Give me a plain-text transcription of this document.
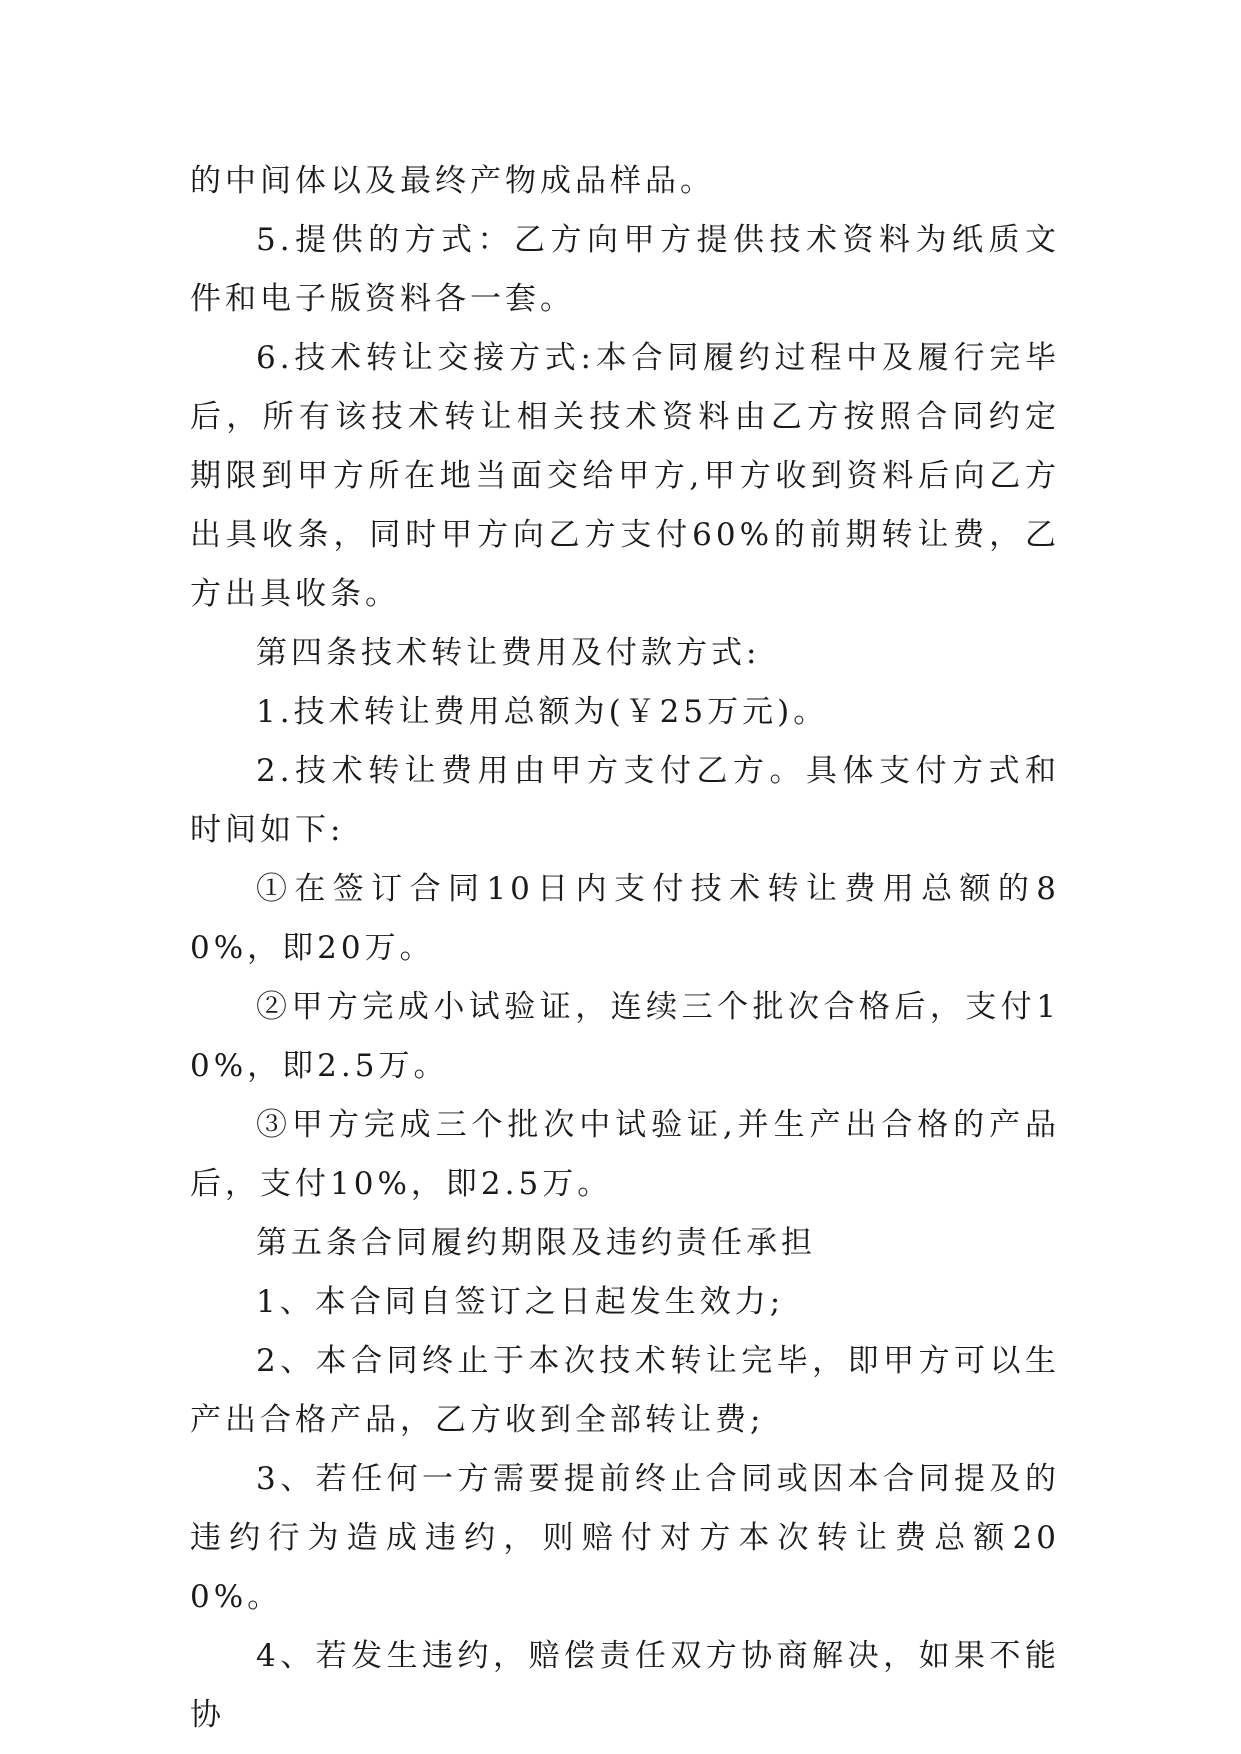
的中间体以及最终产物成品样品。

5.提供的方式：乙方向甲方提供技术资料为纸质文件和电子版资料各一套。

6.技术转让交接方式:本合同履约过程中及履行完毕后，所有该技术转让相关技术资料由乙方按照合同约定期限到甲方所在地当面交给甲方,甲方收到资料后向乙方出具收条，同时甲方向乙方支付60%的前期转让费，乙方出具收条。

第四条技术转让费用及付款方式:

1.技术转让费用总额为(￥25万元)。

2.技术转让费用由甲方支付乙方。具体支付方式和时间如下:

①在签订合同10日内支付技术转让费用总额的80%，即20万。

②甲方完成小试验证，连续三个批次合格后，支付10%，即2.5万。

③甲方完成三个批次中试验证,并生产出合格的产品后，支付10%，即2.5万。

第五条合同履约期限及违约责任承担

1、本合同自签订之日起发生效力;

2、本合同终止于本次技术转让完毕，即甲方可以生产出合格产品，乙方收到全部转让费;

3、若任何一方需要提前终止合同或因本合同提及的违约行为造成违约，则赔付对方本次转让费总额200%。

4、若发生违约，赔偿责任双方协商解决，如果不能协
